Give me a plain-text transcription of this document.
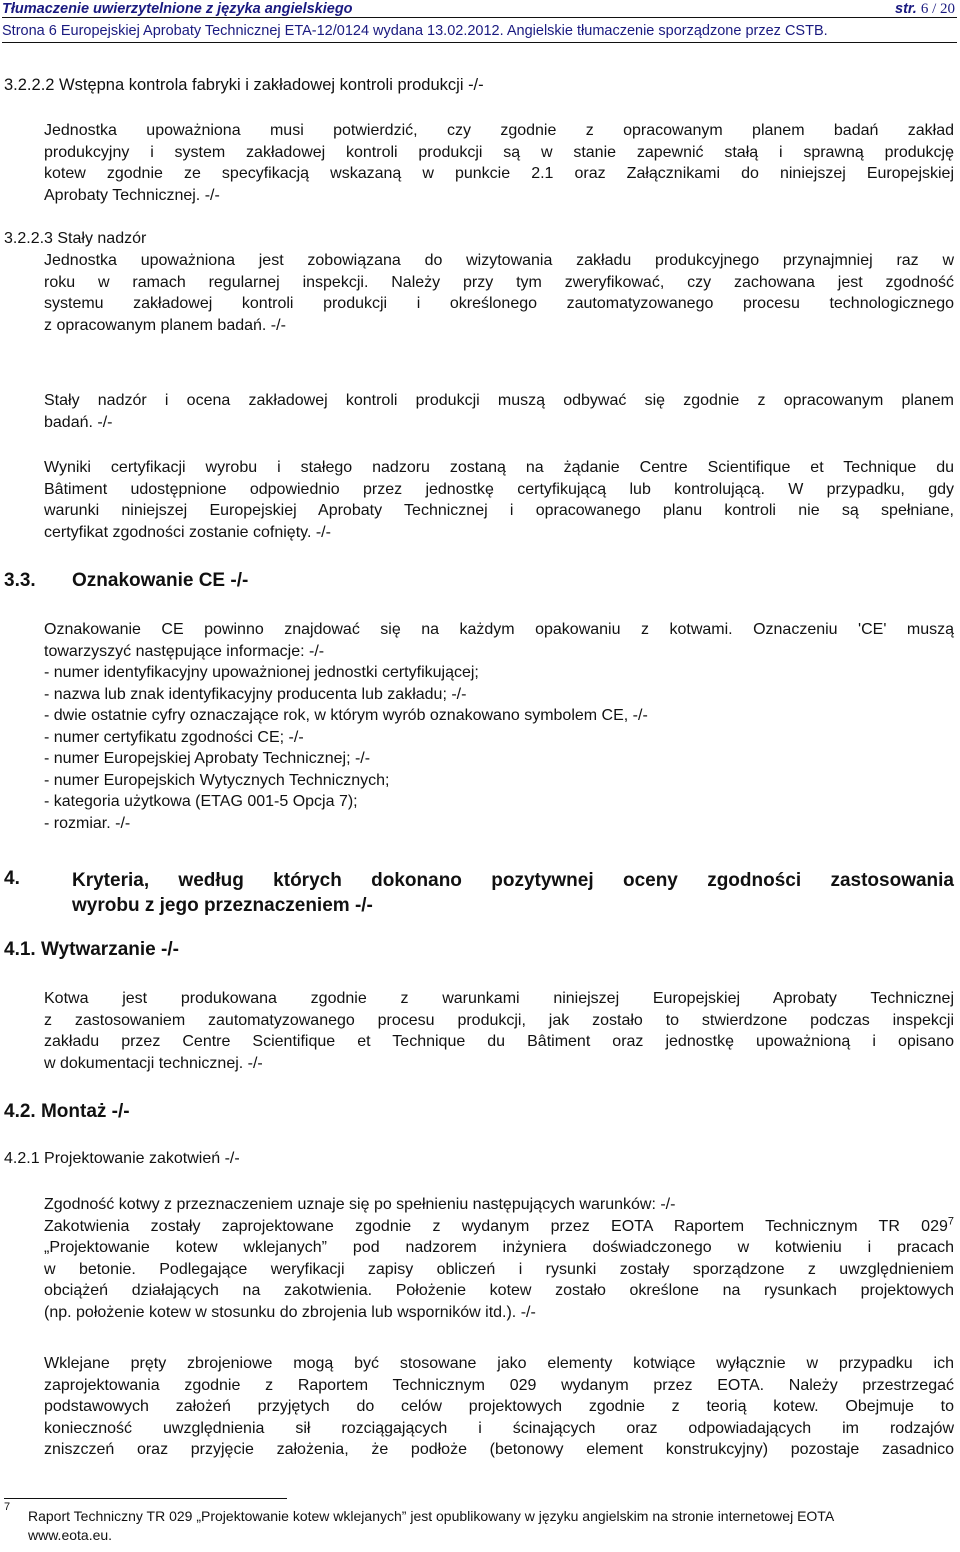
Tłumaczenie uwierzytelnione z języka angielskiego	str. 6 / 20
Strona 6 Europejskiej Aprobaty Technicznej ETA-12/0124 wydana 13.02.2012. Angielskie tłumaczenie sporządzone przez CSTB.
3.2.2.2 Wstępna kontrola fabryki i zakładowej kontroli produkcji -/-
Jednostka upoważniona musi potwierdzić, czy zgodnie z opracowanym planem badań zakład
produkcyjny i system zakładowej kontroli produkcji są w stanie zapewnić stałą i sprawną produkcję
kotew zgodnie ze specyfikacją wskazaną w punkcie 2.1 oraz Załącznikami do niniejszej Europejskiej
Aprobaty Technicznej. -/-
3.2.2.3 Stały nadzór
Jednostka upoważniona jest zobowiązana do wizytowania zakładu produkcyjnego przynajmniej raz w
roku w ramach regularnej inspekcji. Należy przy tym zweryfikować, czy zachowana jest zgodność
systemu zakładowej kontroli produkcji i określonego zautomatyzowanego procesu technologicznego
z opracowanym planem badań. -/-
Stały nadzór i ocena zakładowej kontroli produkcji muszą odbywać się zgodnie z opracowanym planem
badań. -/-
Wyniki certyfikacji wyrobu i stałego nadzoru zostaną na żądanie Centre Scientifique et Technique du
Bâtiment udostępnione odpowiednio przez jednostkę certyfikującą lub kontrolującą. W przypadku, gdy
warunki niniejszej Europejskiej Aprobaty Technicznej i opracowanego planu kontroli nie są spełniane,
certyfikat zgodności zostanie cofnięty. -/-
3.3. Oznakowanie CE -/-
Oznakowanie CE powinno znajdować się na każdym opakowaniu z kotwami. Oznaczeniu 'CE' muszą
towarzyszyć następujące informacje: -/-
- numer identyfikacyjny upoważnionej jednostki certyfikującej;
- nazwa lub znak identyfikacyjny producenta lub zakładu; -/-
- dwie ostatnie cyfry oznaczające rok, w którym wyrób oznakowano symbolem CE, -/-
- numer certyfikatu zgodności CE; -/-
- numer Europejskiej Aprobaty Technicznej; -/-
- numer Europejskich Wytycznych Technicznych;
- kategoria użytkowa (ETAG 001-5 Opcja 7);
- rozmiar. -/-
4.	Kryteria, według których dokonano pozytywnej oceny zgodności zastosowania
wyrobu z jego przeznaczeniem -/-
4.1. Wytwarzanie -/-
Kotwa jest produkowana zgodnie z warunkami niniejszej Europejskiej Aprobaty Technicznej
z zastosowaniem zautomatyzowanego procesu produkcji, jak zostało to stwierdzone podczas inspekcji
zakładu przez Centre Scientifique et Technique du Bâtiment oraz jednostkę upoważnioną i opisano
w dokumentacji technicznej. -/-
4.2. Montaż -/-
4.2.1 Projektowanie zakotwień -/-
Zgodność kotwy z przeznaczeniem uznaje się po spełnieniu następujących warunków: -/-
Zakotwienia zostały zaprojektowane zgodnie z wydanym przez EOTA Raportem Technicznym TR $029^7$
„Projektowanie kotew wklejanych” pod nadzorem inżyniera doświadczonego w kotwieniu i pracach
w betonie. Podlegające weryfikacji zapisy obliczeń i rysunki zostały sporządzone z uwzględnieniem
obciążeń działających na zakotwienia. Położenie kotew zostało określone na rysunkach projektowych
(np. położenie kotew w stosunku do zbrojenia lub wsporników itd.). -/-
Wklejane pręty zbrojeniowe mogą być stosowane jako elementy kotwiące wyłącznie w przypadku ich
zaprojektowania zgodnie z Raportem Technicznym 029 wydanym przez EOTA. Należy przestrzegać
podstawowych założeń przyjętych do celów projektowych zgodnie z teorią kotew. Obejmuje to
konieczność uwzględnienia sił rozciągających i ścinających oraz odpowiadających im rodzajów
zniszczeń oraz przyjęcie założenia, że podłoże (betonowy element konstrukcyjny) pozostaje zasadnico
7
Raport Techniczny TR 029 „Projektowanie kotew wklejanych” jest opublikowany w języku angielskim na stronie internetowej EOTA
www.eota.eu.
